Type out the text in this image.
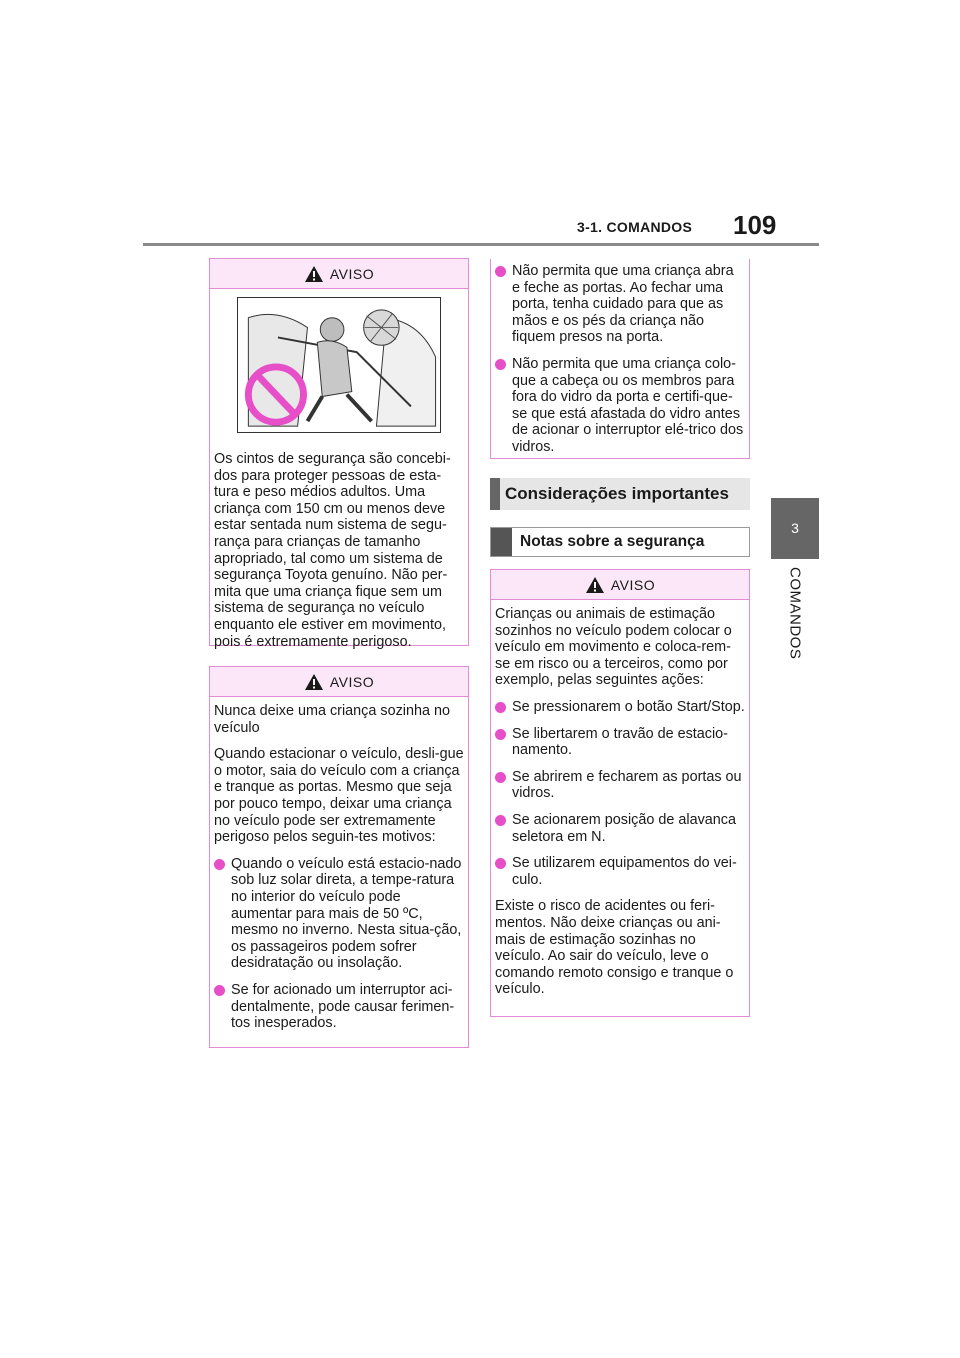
3-1. COMANDOS 109
3
COMANDOS
AVISO

Os cintos de segurança são concebi-dos para proteger pessoas de esta-tura e peso médios adultos. Uma criança com 150 cm ou menos deve estar sentada num sistema de segu-rança para crianças de tamanho apropriado, tal como um sistema de segurança Toyota genuíno. Não per-mita que uma criança fique sem um sistema de segurança no veículo enquanto ele estiver em movimento, pois é extremamente perigoso.

AVISO

Nunca deixe uma criança sozinha no veículo

Quando estacionar o veículo, desli-gue o motor, saia do veículo com a criança e tranque as portas. Mesmo que seja por pouco tempo, deixar uma criança no veículo pode ser extremamente perigoso pelos seguin-tes motivos:

Quando o veículo está estacio-nado sob luz solar direta, a tempe-ratura no interior do veículo pode aumentar para mais de 50 ºC, mesmo no inverno. Nesta situa-ção, os passageiros podem sofrer desidratação ou insolação.
Se for acionado um interruptor aci-dentalmente, pode causar ferimen-tos inesperados.
Não permita que uma criança abra e feche as portas. Ao fechar uma porta, tenha cuidado para que as mãos e os pés da criança não fiquem presos na porta.
Não permita que uma criança colo-que a cabeça ou os membros para fora do vidro da porta e certifi-que-se que está afastada do vidro antes de acionar o interruptor elé-trico dos vidros.
Considerações importantes
Notas sobre a segurança
AVISO

Crianças ou animais de estimação sozinhos no veículo podem colocar o veículo em movimento e coloca-rem-se em risco ou a terceiros, como por exemplo, pelas seguintes ações:

Se pressionarem o botão Start/Stop.
Se libertarem o travão de estacio-namento.
Se abrirem e fecharem as portas ou vidros.
Se acionarem posição de alavanca seletora em N.
Se utilizarem equipamentos do vei-culo.

Existe o risco de acidentes ou feri-mentos. Não deixe crianças ou ani-mais de estimação sozinhas no veículo. Ao sair do veículo, leve o comando remoto consigo e tranque o veículo.
